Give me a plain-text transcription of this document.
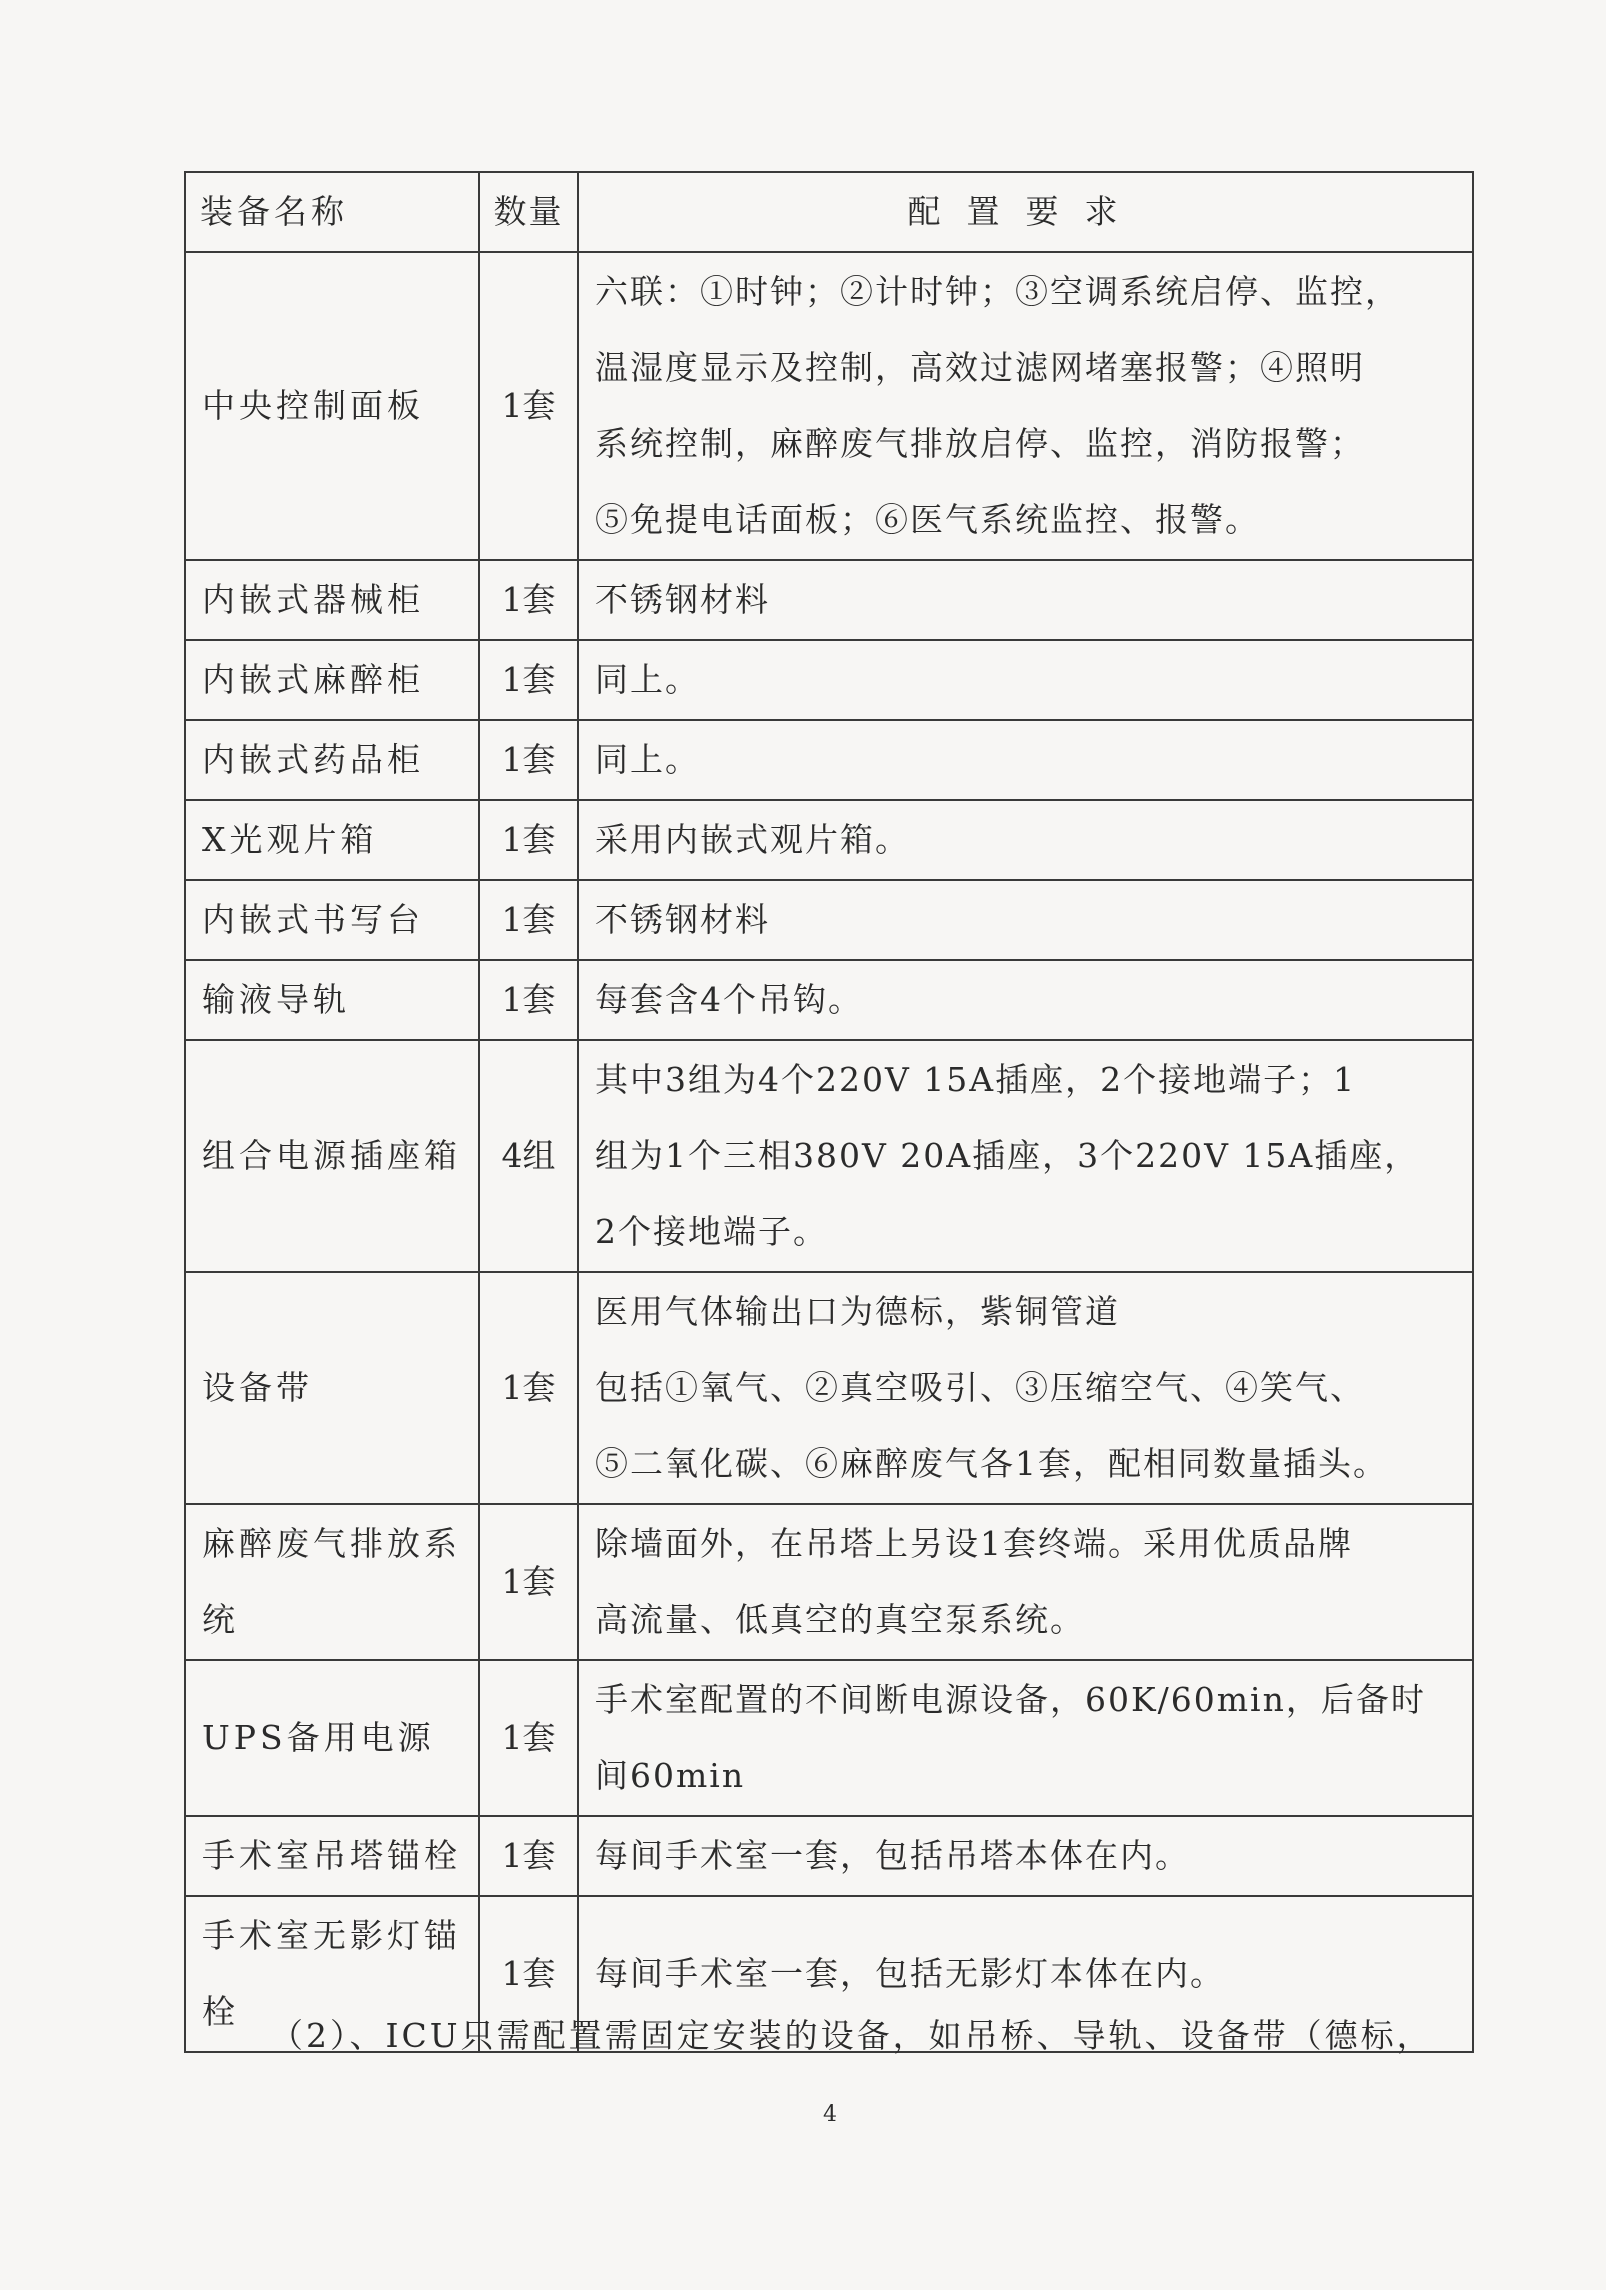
装备名称	数量	配置要求
中央控制面板	1套	六联：①时钟；②计时钟；③空调系统启停、监控，
温湿度显示及控制，高效过滤网堵塞报警；④照明
系统控制，麻醉废气排放启停、监控，消防报警；
⑤免提电话面板；⑥医气系统监控、报警。

内嵌式器械柜	1套	不锈钢材料

内嵌式麻醉柜	1套	同上。

内嵌式药品柜	1套	同上。

X光观片箱	1套	采用内嵌式观片箱。

内嵌式书写台	1套	不锈钢材料

输液导轨	1套	每套含4个吊钩。

组合电源插座箱	4组	其中3组为4个220V 15A插座，2个接地端子；1
组为1个三相380V 20A插座，3个220V 15A插座，
2个接地端子。

设备带	1套	医用气体输出口为德标，紫铜管道
包括①氧气、②真空吸引、③压缩空气、④笑气、
⑤二氧化碳、⑥麻醉废气各1套，配相同数量插头。

麻醉废气排放系统	1套	除墙面外，在吊塔上另设1套终端。采用优质品牌
高流量、低真空的真空泵系统。

UPS备用电源	1套	手术室配置的不间断电源设备，60K/60min，后备时
间60min

手术室吊塔锚栓	1套	每间手术室一套，包括吊塔本体在内。

手术室无影灯锚栓	1套	每间手术室一套，包括无影灯本体在内。
（2）、ICU只需配置需固定安装的设备，如吊桥、导轨、设备带（德标，
4
